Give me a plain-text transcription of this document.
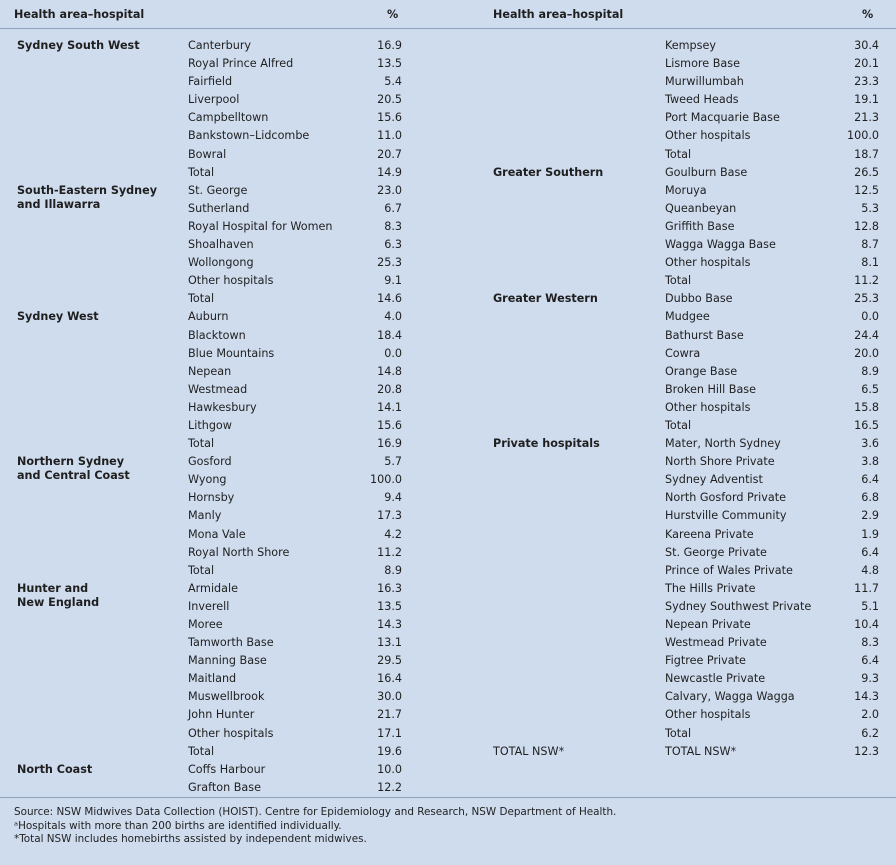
Health area–hospital	%	Health area–hospital	%
Sydney South West	Canterbury	16.9
Royal Prince Alfred	13.5
Fairfield	5.4
Liverpool	20.5
Campbelltown	15.6
Bankstown–Lidcombe	11.0
Bowral	20.7
Total	14.9
South-Eastern Sydney
and Illawarra
St. George	23.0
Sutherland	6.7
Royal Hospital for Women	8.3
Shoalhaven	6.3
Wollongong	25.3
Other hospitals	9.1
Total	14.6
Sydney West	Auburn	4.0
Blacktown	18.4
Blue Mountains	0.0
Nepean	14.8
Westmead	20.8
Hawkesbury	14.1
Lithgow	15.6
Total	16.9
Northern Sydney
and Central Coast
Gosford	5.7
Wyong	100.0
Hornsby	9.4
Manly	17.3
Mona Vale	4.2
Royal North Shore	11.2
Total	8.9
Hunter and
New England
Armidale	16.3
Inverell	13.5
Moree	14.3
Tamworth Base	13.1
Manning Base	29.5
Maitland	16.4
Muswellbrook	30.0
John Hunter	21.7
Other hospitals	17.1
Total	19.6
North Coast	Coffs Harbour	10.0
Grafton Base	12.2
Kempsey	30.4
Lismore Base	20.1
Murwillumbah	23.3
Tweed Heads	19.1
Port Macquarie Base	21.3
Other hospitals	100.0
Total	18.7
Greater Southern	Goulburn Base	26.5
Moruya	12.5
Queanbeyan	5.3
Griffith Base	12.8
Wagga Wagga Base	8.7
Other hospitals	8.1
Total	11.2
Greater Western	Dubbo Base	25.3
Mudgee	0.0
Bathurst Base	24.4
Cowra	20.0
Orange Base	8.9
Broken Hill Base	6.5
Other hospitals	15.8
Total	16.5
Private hospitals	Mater, North Sydney	3.6
North Shore Private	3.8
Sydney Adventist	6.4
North Gosford Private	6.8
Hurstville Community	2.9
Kareena Private	1.9
St. George Private	6.4
Prince of Wales Private	4.8
The Hills Private	11.7
Sydney Southwest Private	5.1
Nepean Private	10.4
Westmead Private	8.3
Figtree Private	6.4
Newcastle Private	9.3
Calvary, Wagga Wagga	14.3
Other hospitals	2.0
Total	6.2
TOTAL NSW*	TOTAL NSW*	12.3
Source: NSW Midwives Data Collection (HOIST). Centre for Epidemiology and Research, NSW Department of Health.
ᵃHospitals with more than 200 births are identified individually.
*Total NSW includes homebirths assisted by independent midwives.
